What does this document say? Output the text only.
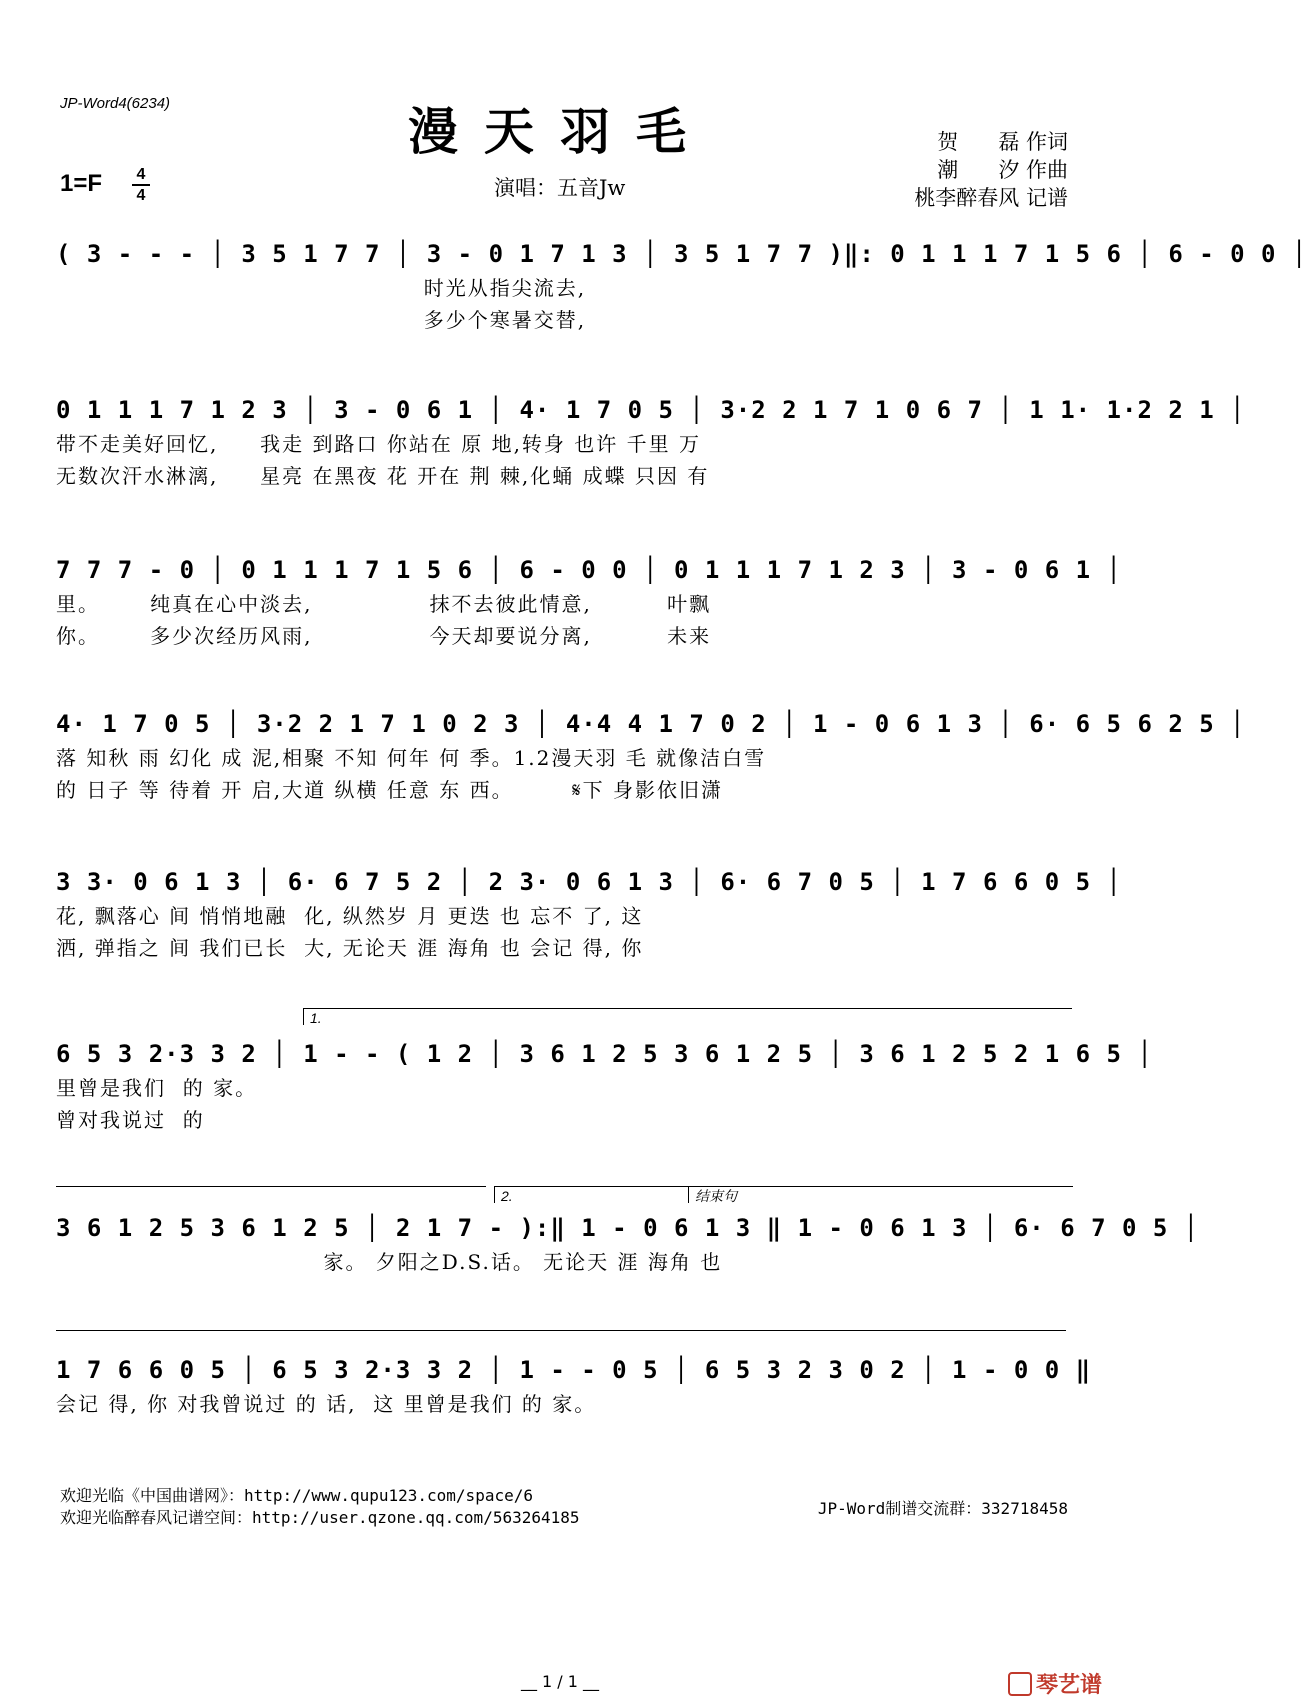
JP-Word4(6234)	漫天羽毛	贺      磊 作词
潮      汐 作曲
桃李醉春风 记谱
1=F 4
4	演唱：五音Jw
( 3 - - - │ 3 5 1 7 7 │ 3 - 0 1 7 1 3 │ 3 5 1 7 7 )‖: 0 1 1 1 7 1 5 6 │ 6 - 0 0 │
时光从指尖流去,
多少个寒暑交替,
0 1 1 1 7 1 2 3 │ 3 - 0 6 1 │ 4· 1 7 0 5 │ 3·2 2 1 7 1 0 6 7 │ 1 1· 1·2 2 1 │
带不走美好回忆,     我走 到路口 你站在 原 地,转身 也许 千里 万
无数次汗水淋漓,     星亮 在黑夜 花 开在 荆 棘,化蛹 成蝶 只因 有
7 7 7 - 0 │ 0 1 1 1 7 1 5 6 │ 6 - 0 0 │ 0 1 1 1 7 1 2 3 │ 3 - 0 6 1 │
里。      纯真在心中淡去,              抹不去彼此情意,         叶飘
你。      多少次经历风雨,              今天却要说分离,         未来
4· 1 7 0 5 │ 3·2 2 1 7 1 0 2 3 │ 4·4 4 1 7 0 2 │ 1 - 0 6 1 3 │ 6· 6 5 6 2 5 │
落 知秋 雨 幻化 成 泥,相聚 不知 何年 何 季。1.2漫天羽 毛 就像洁白雪
的 日子 等 待着 开 启,大道 纵横 任意 东 西。       𝄋下 身影依旧潇
3 3· 0 6 1 3 │ 6· 6 7 5 2 │ 2 3· 0 6 1 3 │ 6· 6 7 0 5 │ 1 7 6 6 0 5 │
花, 飘落心 间 悄悄地融  化, 纵然岁 月 更迭 也 忘不 了, 这
洒, 弹指之 间 我们已长  大, 无论天 涯 海角 也 会记 得, 你
1.
6 5 3 2·3 3 2 │ 1 - - ( 1 2 │ 3 6 1 2 5 3 6 1 2 5 │ 3 6 1 2 5 2 1 6 5 │
里曾是我们  的 家。
曾对我说过  的
2.	结束句
3 6 1 2 5 3 6 1 2 5 │ 2 1 7 - ):‖ 1 - 0 6 1 3 ‖ 1 - 0 6 1 3 │ 6· 6 7 0 5 │
家。 夕阳之D.S.话。 无论天 涯 海角 也
1 7 6 6 0 5 │ 6 5 3 2·3 3 2 │ 1 - - 0 5 │ 6 5 3 2 3 0 2 │ 1 - 0 0 ‖
会记 得, 你 对我曾说过 的 话,  这 里曾是我们 的 家。
欢迎光临《中国曲谱网》：http://www.qupu123.com/space/6
欢迎光临醉春风记谱空间：http://user.qzone.qq.com/563264185	JP-Word制谱交流群：332718458
__ 1 / 1 __	琴艺谱
